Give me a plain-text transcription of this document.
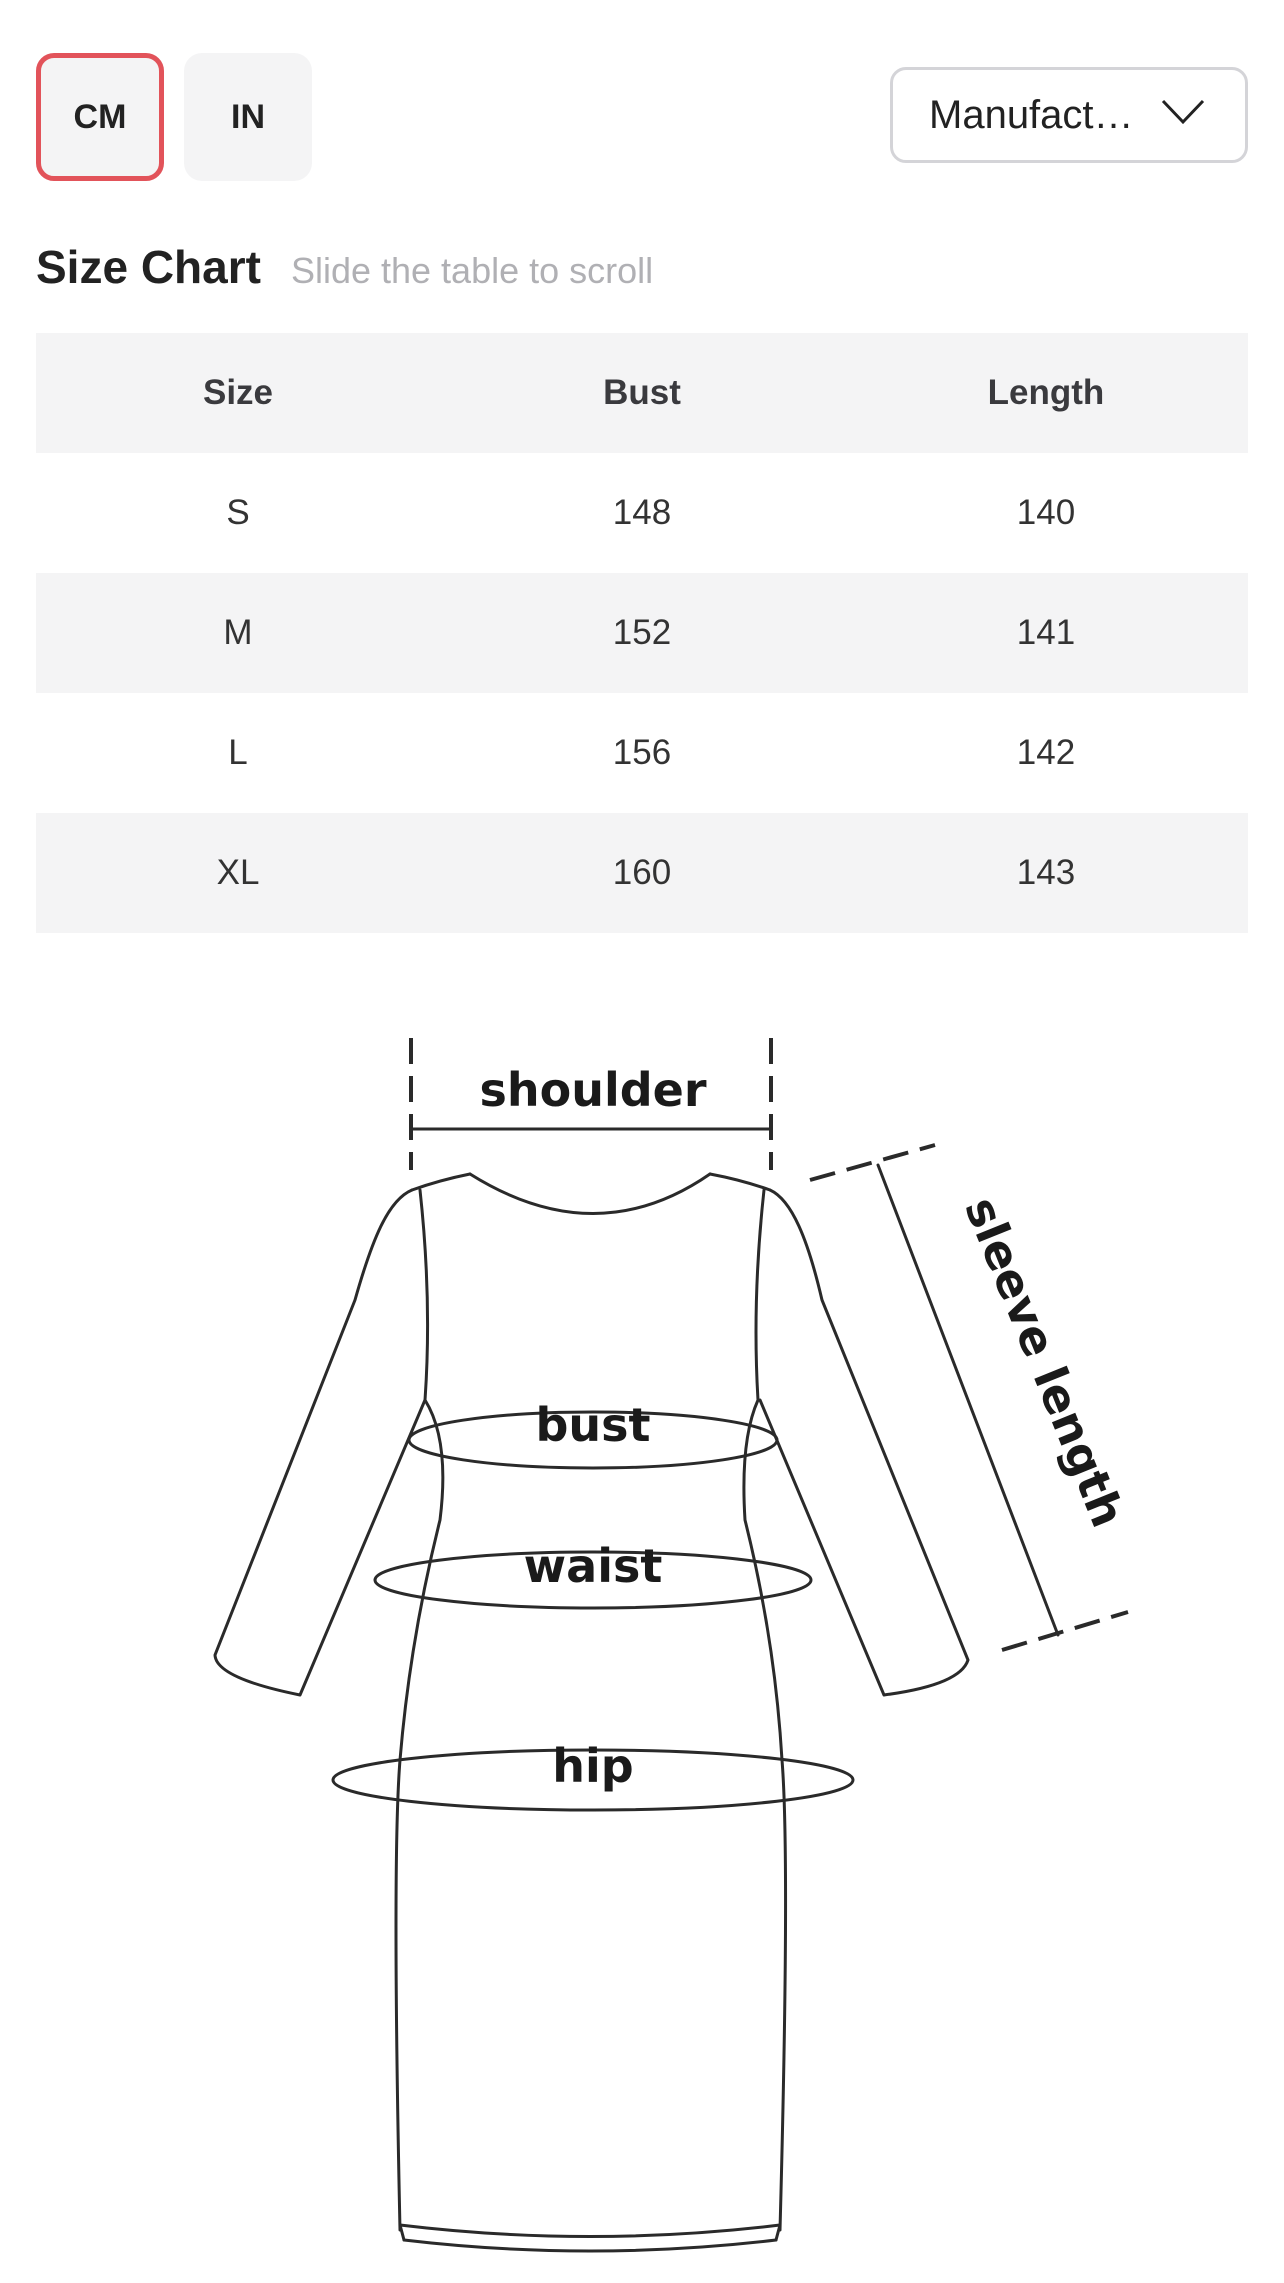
CM	IN	Manufact…
Size Chart Slide the table to scroll
Size	Bust	Length
S	148	140
M	152	141
L	156	142
XL	160	143
shoulder
bust
waist
hip
sleeve length
